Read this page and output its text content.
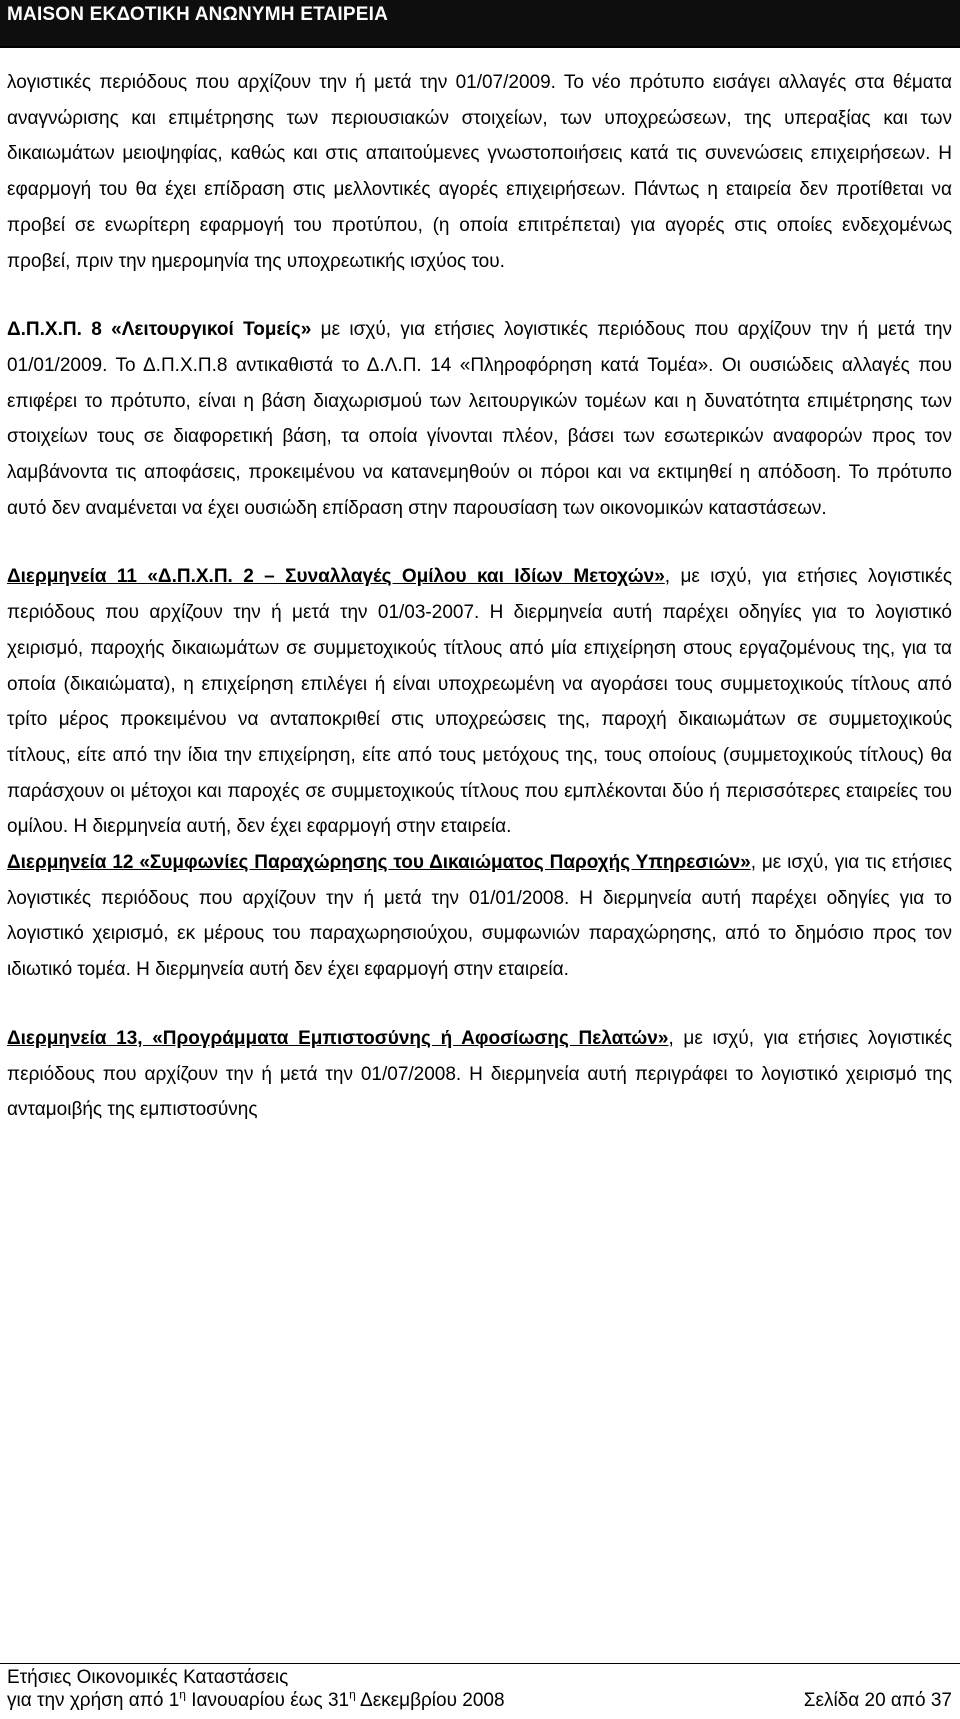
MAISON ΕΚΔΟΤΙΚΗ ΑΝΩΝΥΜΗ ΕΤΑΙΡΕΙΑ

λογιστικές περιόδους που αρχίζουν την ή μετά την 01/07/2009. Το νέο πρότυπο εισάγει αλλαγές στα θέματα αναγνώρισης και επιμέτρησης των περιουσιακών στοιχείων, των υποχρεώσεων, της υπεραξίας και των δικαιωμάτων μειοψηφίας, καθώς και στις απαιτούμενες γνωστοποιήσεις κατά τις συνενώσεις επιχειρήσεων. Η εφαρμογή του θα έχει επίδραση στις μελλοντικές αγορές επιχειρήσεων. Πάντως η εταιρεία δεν προτίθεται να προβεί σε ενωρίτερη εφαρμογή του προτύπου, (η οποία επιτρέπεται) για αγορές στις οποίες ενδεχομένως προβεί, πριν την ημερομηνία της υποχρεωτικής ισχύος του.

Δ.Π.Χ.Π. 8 «Λειτουργικοί Τομείς» με ισχύ, για ετήσιες λογιστικές περιόδους που αρχίζουν την ή μετά την 01/01/2009. Το Δ.Π.Χ.Π.8 αντικαθιστά το Δ.Λ.Π. 14 «Πληροφόρηση κατά Τομέα». Οι ουσιώδεις αλλαγές που επιφέρει το πρότυπο, είναι η βάση διαχωρισμού των λειτουργικών τομέων και η δυνατότητα επιμέτρησης των στοιχείων τους σε διαφορετική βάση, τα οποία γίνονται πλέον, βάσει των εσωτερικών αναφορών προς τον λαμβάνοντα τις αποφάσεις, προκειμένου να κατανεμηθούν οι πόροι και να εκτιμηθεί η απόδοση. Το πρότυπο αυτό δεν αναμένεται να έχει ουσιώδη επίδραση στην παρουσίαση των οικονομικών καταστάσεων.

Διερμηνεία 11 «Δ.Π.Χ.Π. 2 – Συναλλαγές Ομίλου και Ιδίων Μετοχών», με ισχύ, για ετήσιες λογιστικές περιόδους που αρχίζουν την ή μετά την 01/03-2007. Η διερμηνεία αυτή παρέχει οδηγίες για το λογιστικό χειρισμό, παροχής δικαιωμάτων σε συμμετοχικούς τίτλους από μία επιχείρηση στους εργαζομένους της, για τα οποία (δικαιώματα), η επιχείρηση επιλέγει ή είναι υποχρεωμένη να αγοράσει τους συμμετοχικούς τίτλους από τρίτο μέρος προκειμένου να ανταποκριθεί στις υποχρεώσεις της, παροχή δικαιωμάτων σε συμμετοχικούς τίτλους, είτε από την ίδια την επιχείρηση, είτε από τους μετόχους της, τους οποίους (συμμετοχικούς τίτλους) θα παράσχουν οι μέτοχοι και παροχές σε συμμετοχικούς τίτλους που εμπλέκονται δύο ή περισσότερες εταιρείες του ομίλου. Η διερμηνεία αυτή, δεν έχει εφαρμογή στην εταιρεία.

Διερμηνεία 12 «Συμφωνίες Παραχώρησης του Δικαιώματος Παροχής Υπηρεσιών», με ισχύ, για τις ετήσιες λογιστικές περιόδους που αρχίζουν την ή μετά την 01/01/2008. Η διερμηνεία αυτή παρέχει οδηγίες για το λογιστικό χειρισμό, εκ μέρους του παραχωρησιούχου, συμφωνιών παραχώρησης, από το δημόσιο προς τον ιδιωτικό τομέα. Η διερμηνεία αυτή δεν έχει εφαρμογή στην εταιρεία.

Διερμηνεία 13, «Προγράμματα Εμπιστοσύνης ή Αφοσίωσης Πελατών», με ισχύ, για ετήσιες λογιστικές περιόδους που αρχίζουν την ή μετά την 01/07/2008. Η διερμηνεία αυτή περιγράφει το λογιστικό χειρισμό της ανταμοιβής της εμπιστοσύνης

Ετήσιες Οικονομικές Καταστάσεις
για την χρήση από $1^\eta$ Ιανουαρίου έως $31^\eta$ Δεκεμβρίου 2008	Σελίδα 20 από 37
